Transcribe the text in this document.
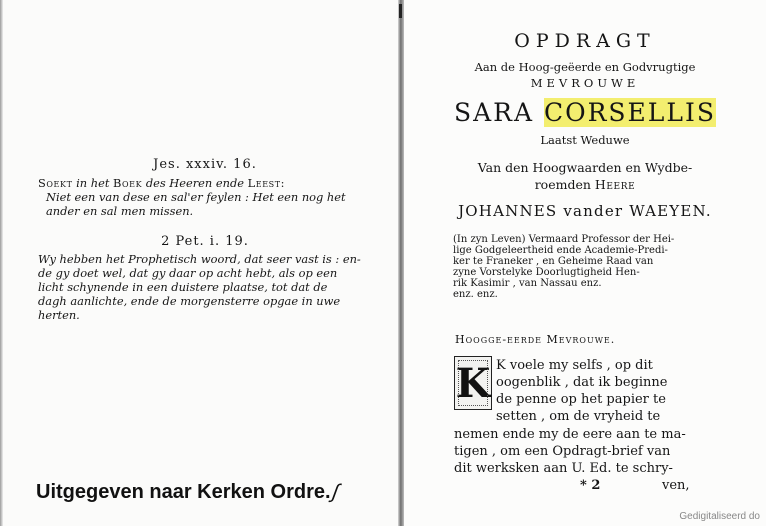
Jes. xxxiv. 16.
Soekt in het Boek des Heeren ende Leest:
Niet een van dese en sal'er feylen : Het een nog het
ander en sal men missen.
2 Pet. i. 19.
Wy hebben het Prophetisch woord, dat seer vast is : en-
de gy doet wel, dat gy daar op acht hebt, als op een
licht schynende in een duistere plaatse, tot dat de
dagh aanlichte, ende de morgensterre opgae in uwe
herten.
Uitgegeven naar Kerken Ordre.ʃ
OPDRAGT
Aan de Hoog-geëerde en Godvrugtige
MEVROUWE
SARA CORSELLIS
Laatst Weduwe
Van den Hoogwaarden en Wydbe-
roemden Heere
JOHANNES vander WAEYEN.
(In zyn Leven) Vermaard Professor der Hei-
lige Godgeleertheid ende Academie-Predi-
ker te Franeker , en Geheime Raad van
zyne Vorstelyke Doorlugtigheid Hen-
rik Kasimir , van Nassau enz.
enz. enz.
Hoogge-eerde Mevrouwe.
K K voele my selfs , op dit
oogenblik , dat ik beginne
de penne op het papier te
setten , om de vryheid te
nemen ende my de eere aan te ma-
tigen , om een Opdragt-brief van
dit werksken aan U. Ed. te schry-
* 2	ven,
Gedigitaliseerd do
